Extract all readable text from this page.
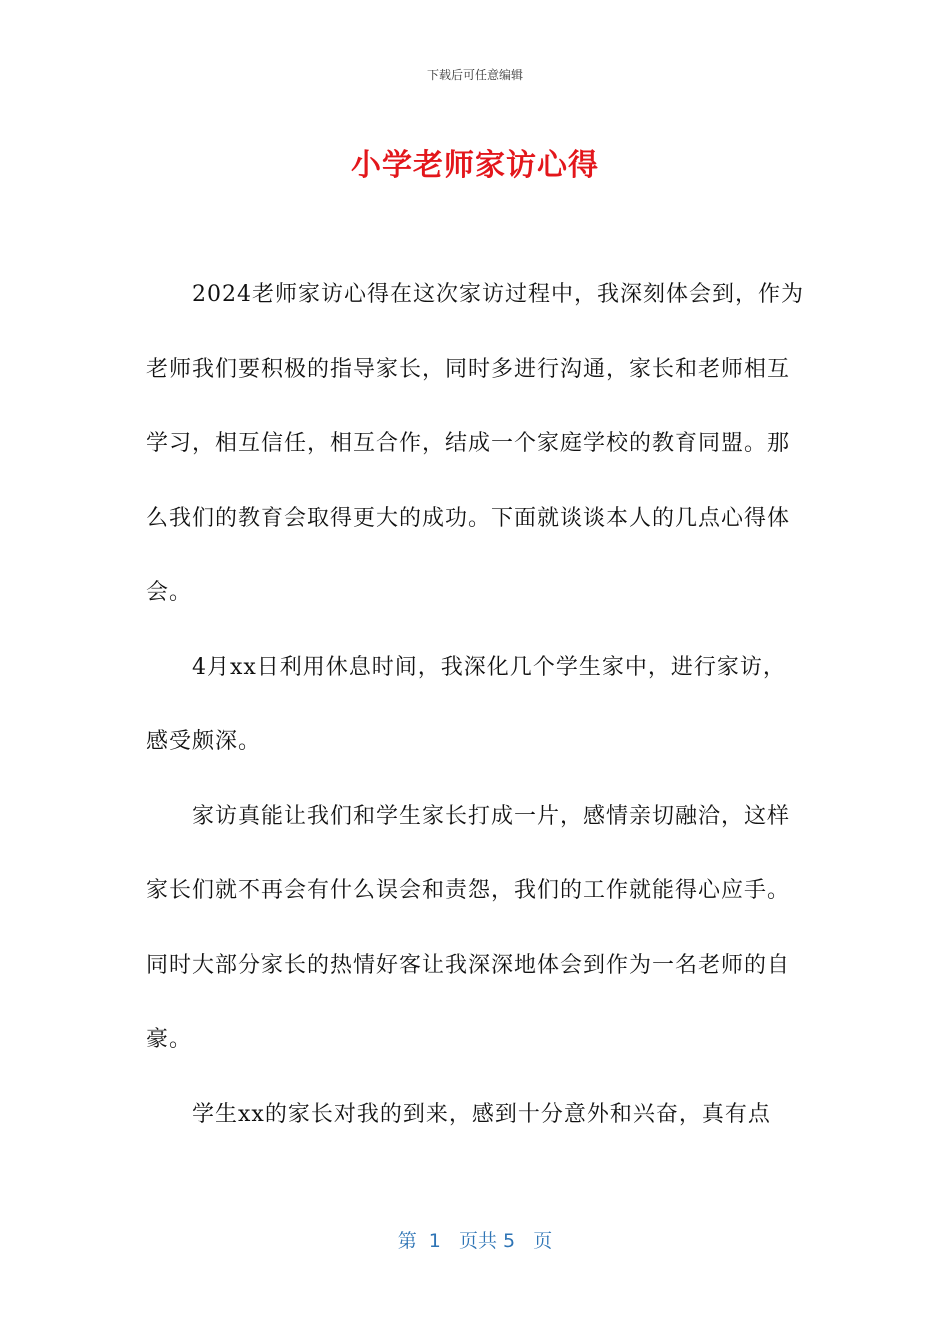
下载后可任意编辑
小学老师家访心得

2024老师家访心得在这次家访过程中，我深刻体会到，作为老师我们要积极的指导家长，同时多进行沟通，家长和老师相互学习，相互信任，相互合作，结成一个家庭学校的教育同盟。那么我们的教育会取得更大的成功。下面就谈谈本人的几点心得体会。

4月xx日利用休息时间，我深化几个学生家中，进行家访，感受颇深。

家访真能让我们和学生家长打成一片，感情亲切融洽，这样家长们就不再会有什么误会和责怨，我们的工作就能得心应手。同时大部分家长的热情好客让我深深地体会到作为一名老师的自豪。

学生xx的家长对我的到来，感到十分意外和兴奋，真有点

第  1   页共 5   页
